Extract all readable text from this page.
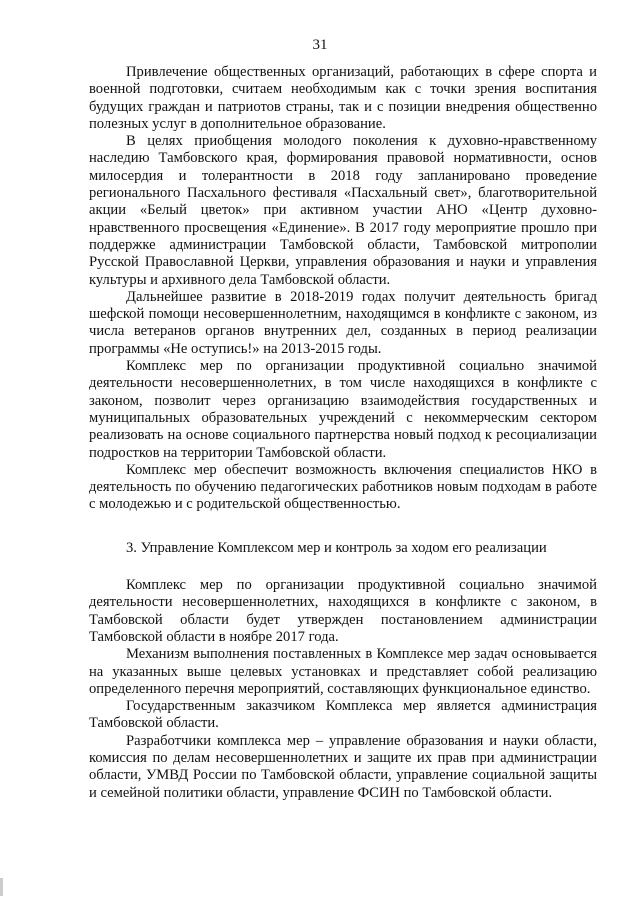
31

Привлечение общественных организаций, работающих в сфере спорта и военной подготовки, считаем необходимым как с точки зрения воспитания будущих граждан и патриотов страны, так и с позиции внедрения общественно полезных услуг в дополнительное образование.

В целях приобщения молодого поколения к духовно-нравственному наследию Тамбовского края, формирования правовой нормативности, основ милосердия и толерантности в 2018 году запланировано проведение регионального Пасхального фестиваля «Пасхальный свет», благотворительной акции «Белый цветок» при активном участии АНО «Центр духовно-нравственного просвещения «Единение». В 2017 году мероприятие прошло при поддержке администрации Тамбовской области, Тамбовской митрополии Русской Православной Церкви, управления образования и науки и управления культуры и архивного дела Тамбовской области.

Дальнейшее развитие в 2018-2019 годах получит деятельность бригад шефской помощи несовершеннолетним, находящимся в конфликте с законом, из числа ветеранов органов внутренних дел, созданных в период реализации программы «Не оступись!» на 2013-2015 годы.

Комплекс мер по организации продуктивной социально значимой деятельности несовершеннолетних, в том числе находящихся в конфликте с законом, позволит через организацию взаимодействия государственных и муниципальных образовательных учреждений с некоммерческим сектором реализовать на основе социального партнерства новый подход к ресоциализации подростков на территории Тамбовской области.

Комплекс мер обеспечит возможность включения специалистов НКО в деятельность по обучению педагогических работников новым подходам в работе с молодежью и с родительской общественностью.

3. Управление Комплексом мер и контроль за ходом его реализации

Комплекс мер по организации продуктивной социально значимой деятельности несовершеннолетних, находящихся в конфликте с законом, в Тамбовской области будет утвержден постановлением администрации Тамбовской области в ноябре 2017 года.

Механизм выполнения поставленных в Комплексе мер задач основывается на указанных выше целевых установках и представляет собой реализацию определенного перечня мероприятий, составляющих функциональное единство.

Государственным заказчиком Комплекса мер является администрация Тамбовской области.

Разработчики комплекса мер – управление образования и науки области, комиссия по делам несовершеннолетних и защите их прав при администрации области, УМВД России по Тамбовской области, управление социальной защиты и семейной политики области, управление ФСИН по Тамбовской области.
